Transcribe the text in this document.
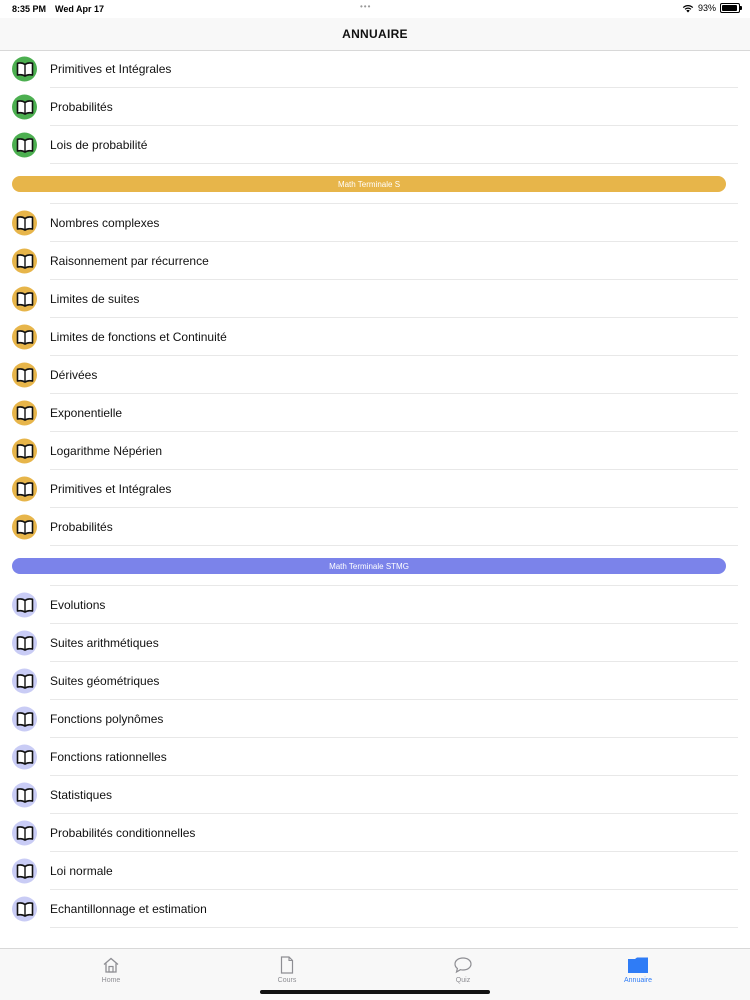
8:35 PM Wed Apr 17	•••	93%
ANNUAIRE
Primitives et Intégrales
Probabilités
Lois de probabilité
Math Terminale S
Nombres complexes
Raisonnement par récurrence
Limites de suites
Limites de fonctions et Continuité
Dérivées
Exponentielle
Logarithme Népérien
Primitives et Intégrales
Probabilités
Math Terminale STMG
Evolutions
Suites arithmétiques
Suites géométriques
Fonctions polynômes
Fonctions rationnelles
Statistiques
Probabilités conditionnelles
Loi normale
Echantillonnage et estimation
Home	Cours	Quiz	Annuaire
